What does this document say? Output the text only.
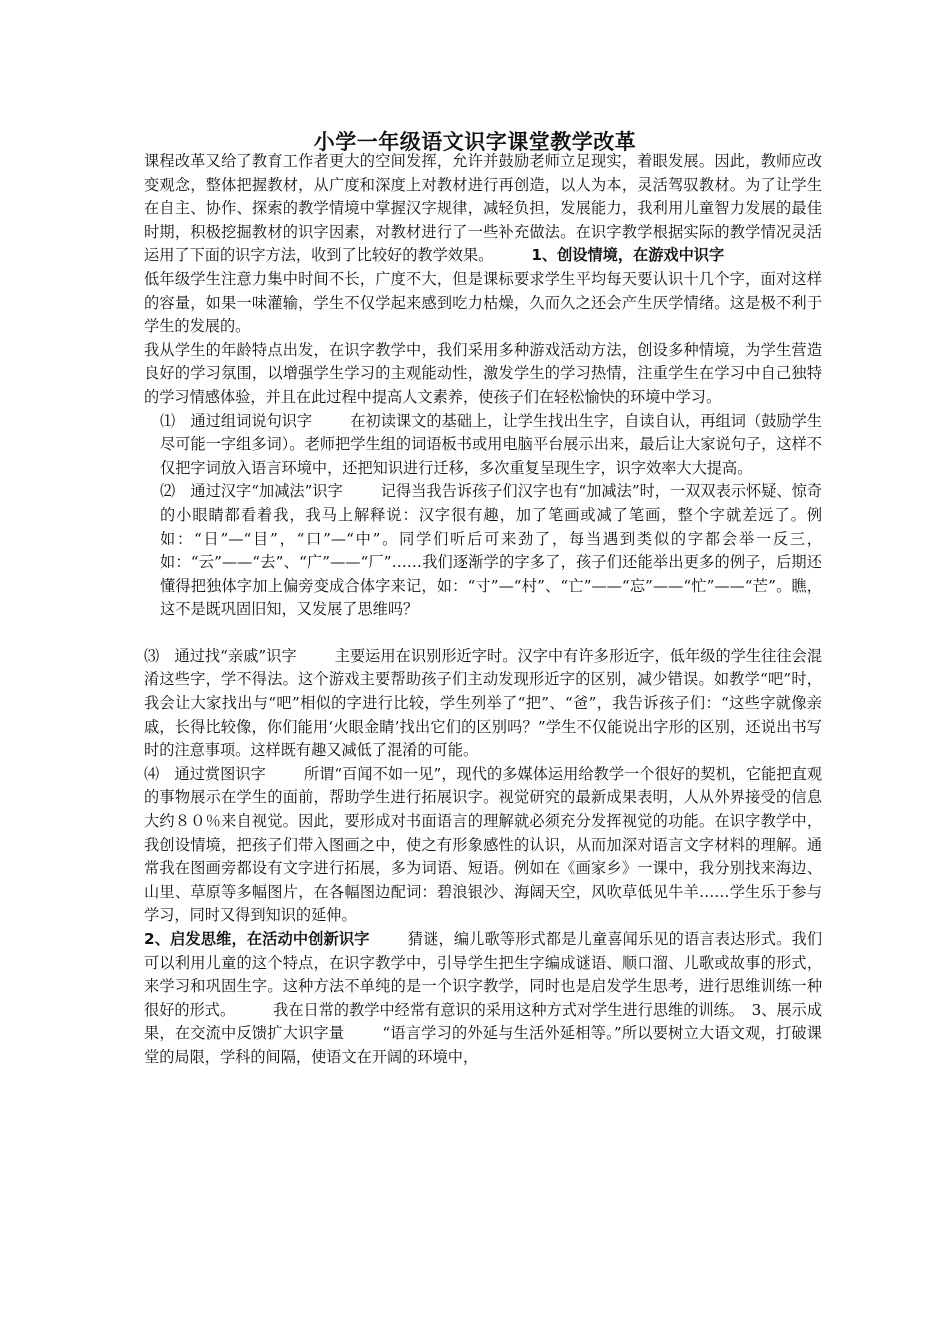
小学一年级语文识字课堂教学改革

课程改革又给了教育工作者更大的空间发挥，允许并鼓励老师立足现实，着眼发展。因此，教师应改变观念，整体把握教材，从广度和深度上对教材进行再创造，以人为本，灵活驾驭教材。为了让学生在自主、协作、探索的教学情境中掌握汉字规律，减轻负担，发展能力，我利用儿童智力发展的最佳时期，积极挖掘教材的识字因素，对教材进行了一些补充做法。在识字教学根据实际的教学情况灵活运用了下面的识字方法，收到了比较好的教学效果。	1、创设情境，在游戏中识字

低年级学生注意力集中时间不长，广度不大，但是课标要求学生平均每天要认识十几个字，面对这样的容量，如果一味灌输，学生不仅学起来感到吃力枯燥，久而久之还会产生厌学情绪。这是极不利于学生的发展的。

我从学生的年龄特点出发，在识字教学中，我们采用多种游戏活动方法，创设多种情境，为学生营造良好的学习氛围，以增强学生学习的主观能动性，激发学生的学习热情，注重学生在学习中自己独特的学习情感体验，并且在此过程中提高人文素养，使孩子们在轻松愉快的环境中学习。

⑴　 通过组词说句识字	在初读课文的基础上，让学生找出生字，自读自认，再组词（鼓励学生尽可能一字组多词）。老师把学生组的词语板书或用电脑平台展示出来，最后让大家说句子，这样不仅把字词放入语言环境中，还把知识进行迁移，多次重复呈现生字，识字效率大大提高。

⑵　 通过汉字“加减法”识字	记得当我告诉孩子们汉字也有“加减法”时，一双双表示怀疑、惊奇的小眼睛都看着我，我马上解释说：汉字很有趣，加了笔画或减了笔画，整个字就差远了。例如：“日”—“目”，“口”—“中”。同学们听后可来劲了，每当遇到类似的字都会举一反三，如：“云”——“去”、“广”——“厂”……我们逐渐学的字多了，孩子们还能举出更多的例子，后期还懂得把独体字加上偏旁变成合体字来记，如：“寸”—“村”、“亡”——“忘”——“忙”——“芒”。瞧，这不是既巩固旧知，又发展了思维吗？

⑶　 通过找“亲戚”识字	主要运用在识别形近字时。汉字中有许多形近字，低年级的学生往往会混淆这些字，学不得法。这个游戏主要帮助孩子们主动发现形近字的区别，减少错误。如教学“吧”时，我会让大家找出与“吧”相似的字进行比较，学生列举了“把”、“爸”，我告诉孩子们：“这些字就像亲戚，长得比较像，你们能用‘火眼金睛’找出它们的区别吗？”学生不仅能说出字形的区别，还说出书写时的注意事项。这样既有趣又减低了混淆的可能。

⑷　 通过赏图识字	所谓“百闻不如一见”，现代的多媒体运用给教学一个很好的契机，它能把直观的事物展示在学生的面前，帮助学生进行拓展识字。视觉研究的最新成果表明，人从外界接受的信息大约８０％来自视觉。因此，要形成对书面语言的理解就必须充分发挥视觉的功能。在识字教学中，我创设情境，把孩子们带入图画之中，使之有形象感性的认识，从而加深对语言文字材料的理解。通常我在图画旁都设有文字进行拓展，多为词语、短语。例如在《画家乡》一课中，我分别找来海边、山里、草原等多幅图片，在各幅图边配词：碧浪银沙、海阔天空，风吹草低见牛羊……学生乐于参与学习，同时又得到知识的延伸。

2、启发思维，在活动中创新识字	猜谜，编儿歌等形式都是儿童喜闻乐见的语言表达形式。我们可以利用儿童的这个特点，在识字教学中，引导学生把生字编成谜语、顺口溜、儿歌或故事的形式，来学习和巩固生字。这种方法不单纯的是一个识字教学，同时也是启发学生思考，进行思维训练一种很好的形式。	我在日常的教学中经常有意识的采用这种方式对学生进行思维的训练。　 3、展示成果，在交流中反馈扩大识字量	“语言学习的外延与生活外延相等。”所以要树立大语文观，打破课堂的局限，学科的间隔，使语文在开阔的环境中，
